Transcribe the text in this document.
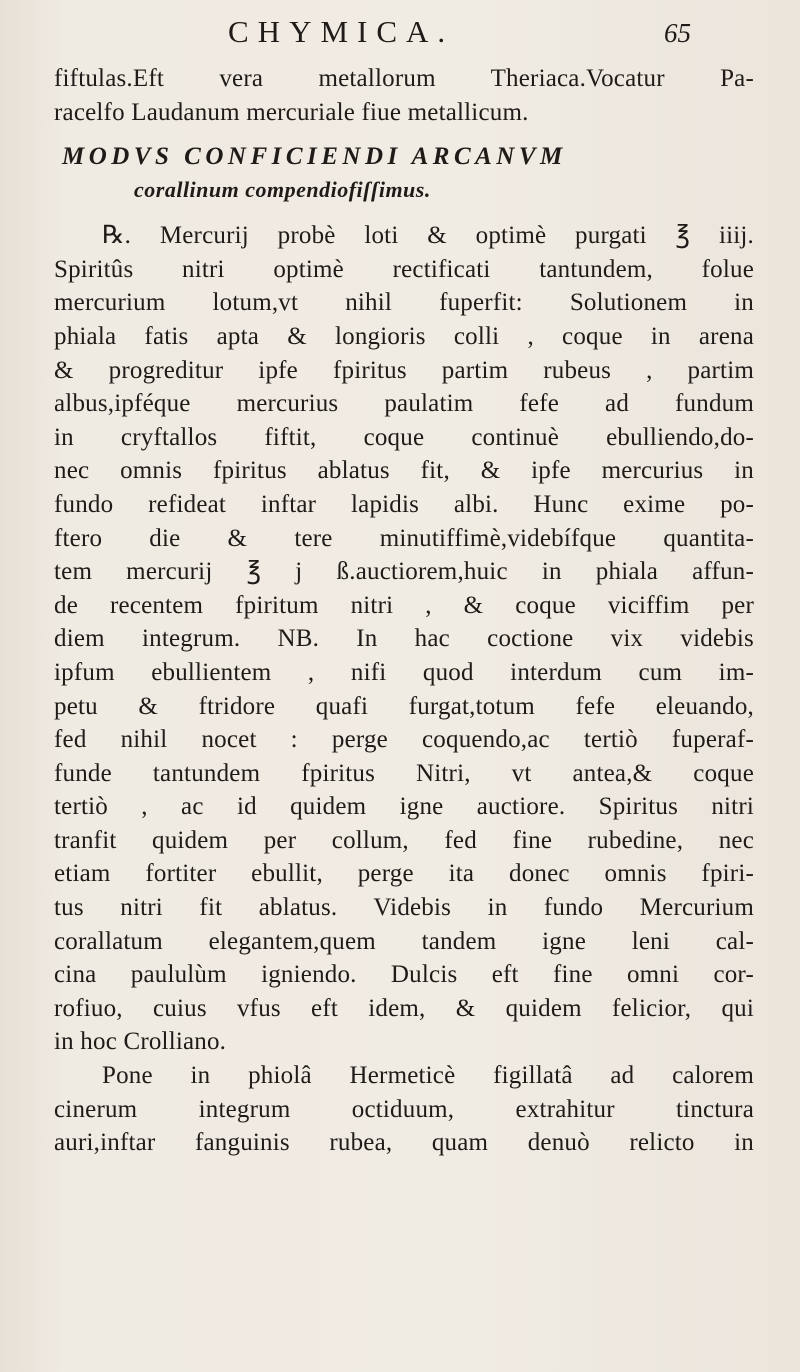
CHYMICA.	65
fiftulas.Eft vera metallorum Theriaca.Vocatur Pa-
racelfo Laudanum mercuriale fiue metallicum.
MODVS CONFICIENDI ARCANVM
corallinum compendiofiſſimus.
℞. Mercurij probè loti & optimè purgati ℥ iiij.
Spiritûs nitri optimè rectificati tantundem, folue
mercurium lotum,vt nihil fuperfit: Solutionem in
phiala fatis apta & longioris colli , coque in arena
& progreditur ipfe fpiritus partim rubeus , partim
albus,ipféque mercurius paulatim fefe ad fundum
in cryftallos fiftit, coque continuè ebulliendo,do-
nec omnis fpiritus ablatus fit, & ipfe mercurius in
fundo refideat inftar lapidis albi. Hunc exime po-
ftero die & tere minutiffimè,videbífque quantita-
tem mercurij ℥ j ß.auctiorem,huic in phiala affun-
de recentem fpiritum nitri , & coque viciffim per
diem integrum. NB. In hac coctione vix videbis
ipfum ebullientem , nifi quod interdum cum im-
petu & ftridore quafi furgat,totum fefe eleuando,
fed nihil nocet : perge coquendo,ac tertiò fuperaf-
funde tantundem fpiritus Nitri, vt antea,& coque
tertiò , ac id quidem igne auctiore. Spiritus nitri
tranfit quidem per collum, fed fine rubedine, nec
etiam fortiter ebullit, perge ita donec omnis fpiri-
tus nitri fit ablatus. Videbis in fundo Mercurium
corallatum elegantem,quem tandem igne leni cal-
cina paululùm igniendo. Dulcis eft fine omni cor-
rofiuo, cuius vfus eft idem, & quidem felicior, qui
in hoc Crolliano.
Pone in phiolâ Hermeticè figillatâ ad calorem
cinerum integrum octiduum, extrahitur tinctura
auri,inftar fanguinis rubea, quam denuò relicto in
